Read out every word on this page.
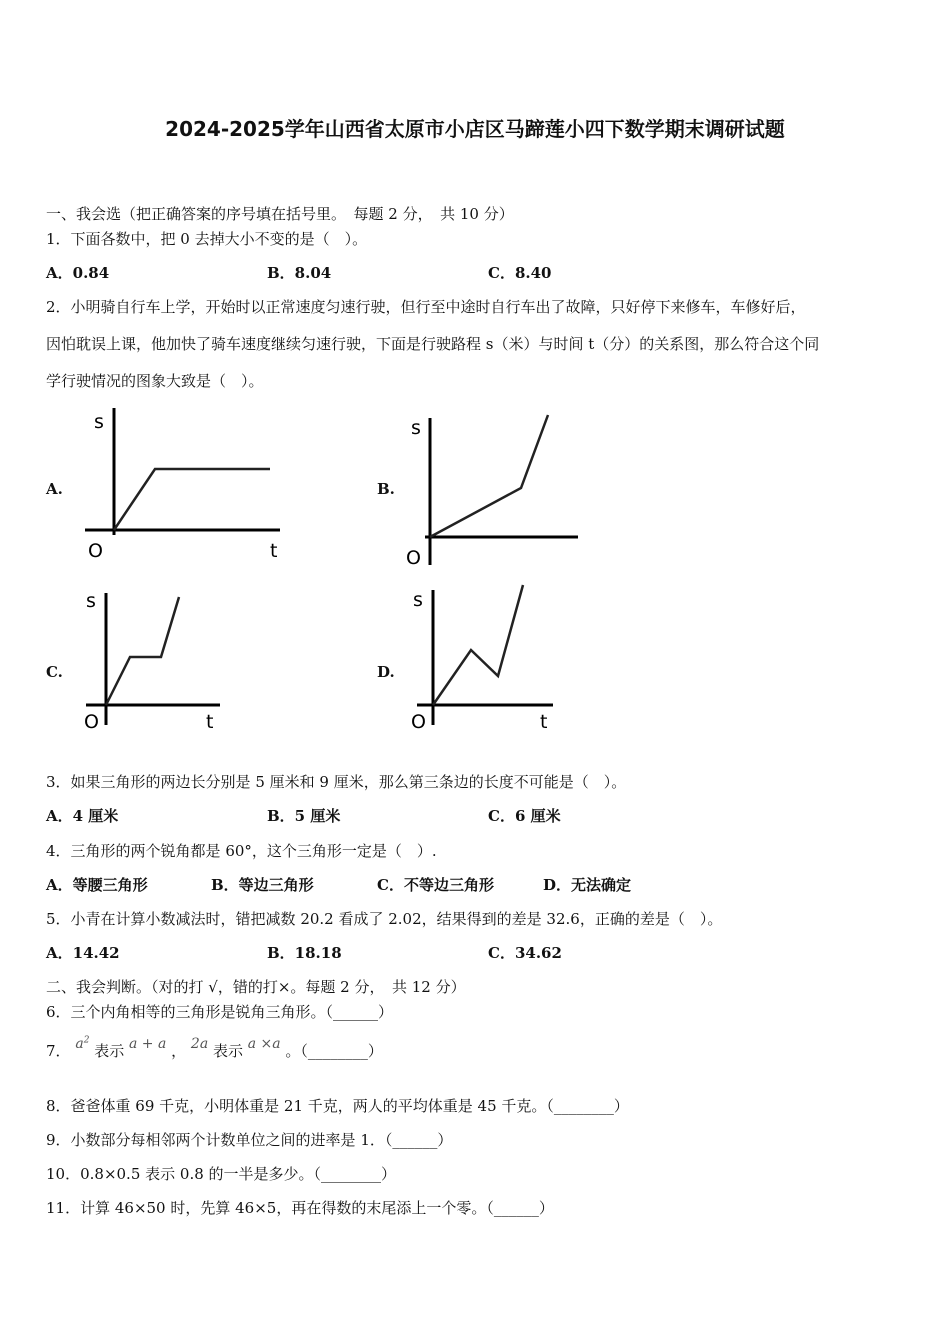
2024-2025学年山西省太原市小店区马蹄莲小四下数学期末调研试题
一、我会选（把正确答案的序号填在括号里。　每题 2 分，　共 10 分）
1．下面各数中，把 0 去掉大小不变的是（　）。
A．0.84	B．8.04	C．8.40
2．小明骑自行车上学，开始时以正常速度匀速行驶，但行至中途时自行车出了故障，只好停下来修车，车修好后，
因怕耽误上课，他加快了骑车速度继续匀速行驶，下面是行驶路程 s（米）与时间 t（分）的关系图，那么符合这个同
学行驶情况的图象大致是（　）。
A.	B.
C.	D.
s
O	t
s
O
s
O	t
s
O	t
3．如果三角形的两边长分别是 5 厘米和 9 厘米，那么第三条边的长度不可能是（　）。
A．4 厘米	B．5 厘米	C．6 厘米
4．三角形的两个锐角都是 60°，这个三角形一定是（　）.
A．等腰三角形	B．等边三角形	C．不等边三角形	D．无法确定
5．小青在计算小数减法时，错把减数 20.2 看成了 2.02，结果得到的差是 32.6，正确的差是（　）。
A．14.42	B．18.18	C．34.62
二、我会判断。（对的打 √，错的打×。每题 2 分，　共 12 分）
6．三个内角相等的三角形是锐角三角形。（______）
7． $a^2$ 表示 a + a ， 2a 表示 a ×a 。（________）
8．爸爸体重 69 千克，小明体重是 21 千克，两人的平均体重是 45 千克。（________）
9．小数部分每相邻两个计数单位之间的进率是 1．（______）
10．0.8×0.5 表示 0.8 的一半是多少。（________）
11．计算 46×50 时，先算 46×5，再在得数的末尾添上一个零。（______）
